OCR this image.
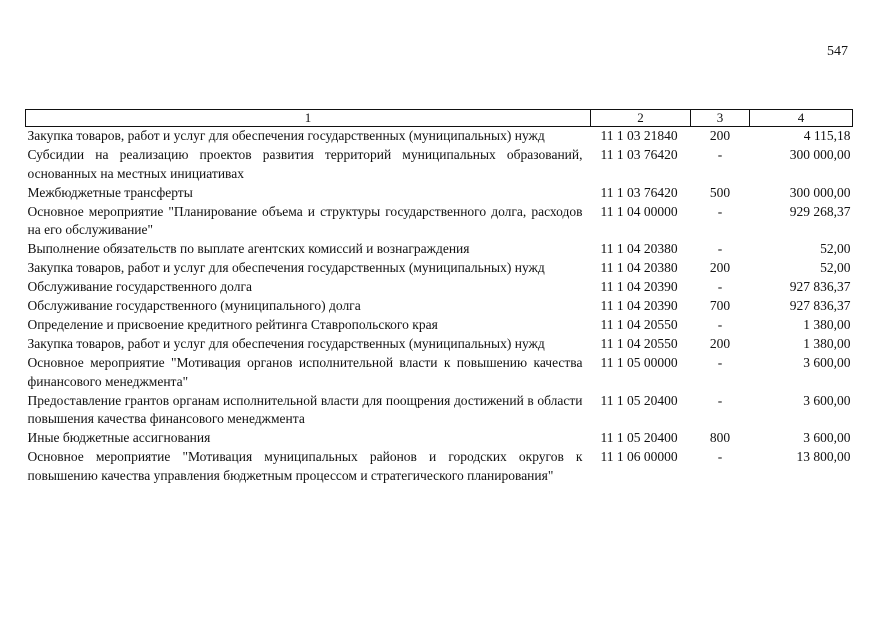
547
1	2	3	4
Закупка товаров, работ и услуг для обеспечения государственных (муниципальных) нужд	11 1 03 21840	200	4 115,18
Субсидии на реализацию проектов развития территорий муниципальных образований, основанных на местных инициативах	11 1 03 76420	-	300 000,00
Межбюджетные трансферты	11 1 03 76420	500	300 000,00
Основное мероприятие "Планирование объема и структуры государственного долга, расходов на его обслуживание"	11 1 04 00000	-	929 268,37
Выполнение обязательств по выплате агентских комиссий и вознаграждения	11 1 04 20380	-	52,00
Закупка товаров, работ и услуг для обеспечения государственных (муниципальных) нужд	11 1 04 20380	200	52,00
Обслуживание государственного долга	11 1 04 20390	-	927 836,37
Обслуживание государственного (муниципального) долга	11 1 04 20390	700	927 836,37
Определение и присвоение кредитного рейтинга Ставропольского края	11 1 04 20550	-	1 380,00
Закупка товаров, работ и услуг для обеспечения государственных (муниципальных) нужд	11 1 04 20550	200	1 380,00
Основное мероприятие "Мотивация органов исполнительной власти к повышению качества финансового менеджмента"	11 1 05 00000	-	3 600,00
Предоставление грантов органам исполнительной власти для поощрения достижений в области повышения качества финансового менеджмента	11 1 05 20400	-	3 600,00
Иные бюджетные ассигнования	11 1 05 20400	800	3 600,00
Основное мероприятие "Мотивация муниципальных районов и городских округов к повышению качества управления бюджетным процессом и стратегического планирования"	11 1 06 00000	-	13 800,00
